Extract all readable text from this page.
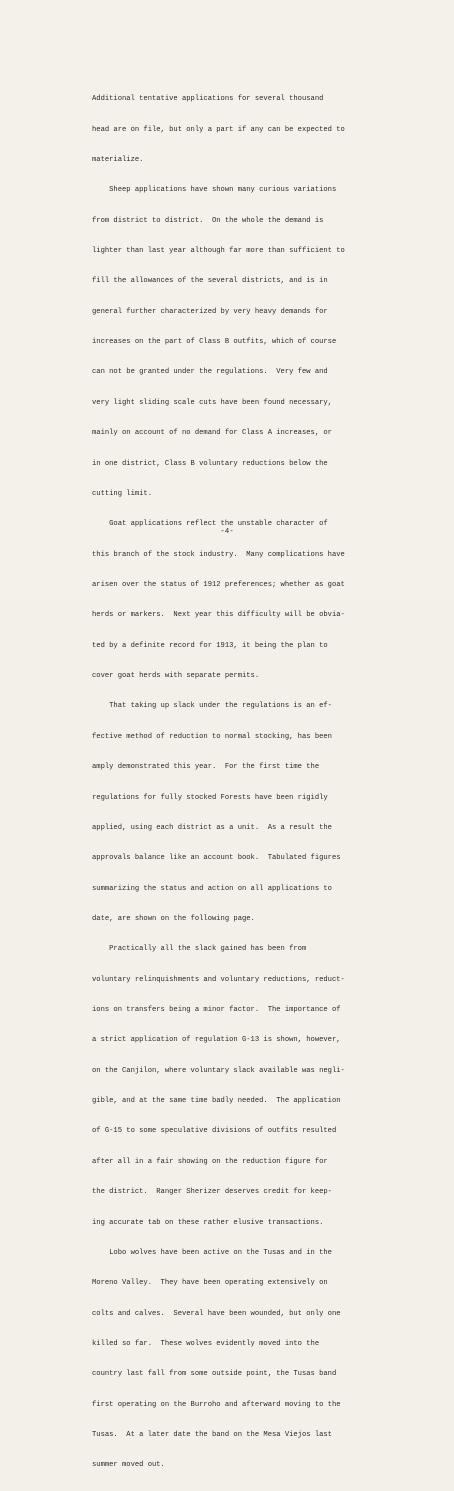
Additional tentative applications for several thousand

head are on file, but only a part if any can be expected to

materialize.

Sheep applications have shown many curious variations

from district to district.  On the whole the demand is

lighter than last year although far more than sufficient to

fill the allowances of the several districts, and is in

general further characterized by very heavy demands for

increases on the part of Class B outfits, which of course

can not be granted under the regulations.  Very few and

very light sliding scale cuts have been found necessary,

mainly on account of no demand for Class A increases, or

in one district, Class B voluntary reductions below the

cutting limit.

Goat applications reflect the unstable character of

this branch of the stock industry.  Many complications have

arisen over the status of 1912 preferences; whether as goat

herds or markers.  Next year this difficulty will be obvia-

ted by a definite record for 1913, it being the plan to

cover goat herds with separate permits.

That taking up slack under the regulations is an ef-

fective method of reduction to normal stocking, has been

amply demonstrated this year.  For the first time the

regulations for fully stocked Forests have been rigidly

applied, using each district as a unit.  As a result the

approvals balance like an account book.  Tabulated figures

summarizing the status and action on all applications to

date, are shown on the following page.

Practically all the slack gained has been from

voluntary relinquishments and voluntary reductions, reduct-

ions on transfers being a minor factor.  The importance of

a strict application of regulation G-13 is shown, however,

on the Canjilon, where voluntary slack available was negli-

gible, and at the same time badly needed.  The application

of G-15 to some speculative divisions of outfits resulted

after all in a fair showing on the reduction figure for

the district.  Ranger Sherizer deserves credit for keep-

ing accurate tab on these rather elusive transactions.

Lobo wolves have been active on the Tusas and in the

Moreno Valley.  They have been operating extensively on

colts and calves.  Several have been wounded, but only one

killed so far.  These wolves evidently moved into the

country last fall from some outside point, the Tusas band

first operating on the Burroho and afterward moving to the

Tusas.  At a later date the band on the Mesa Viejos last

summer moved out.

-4-
